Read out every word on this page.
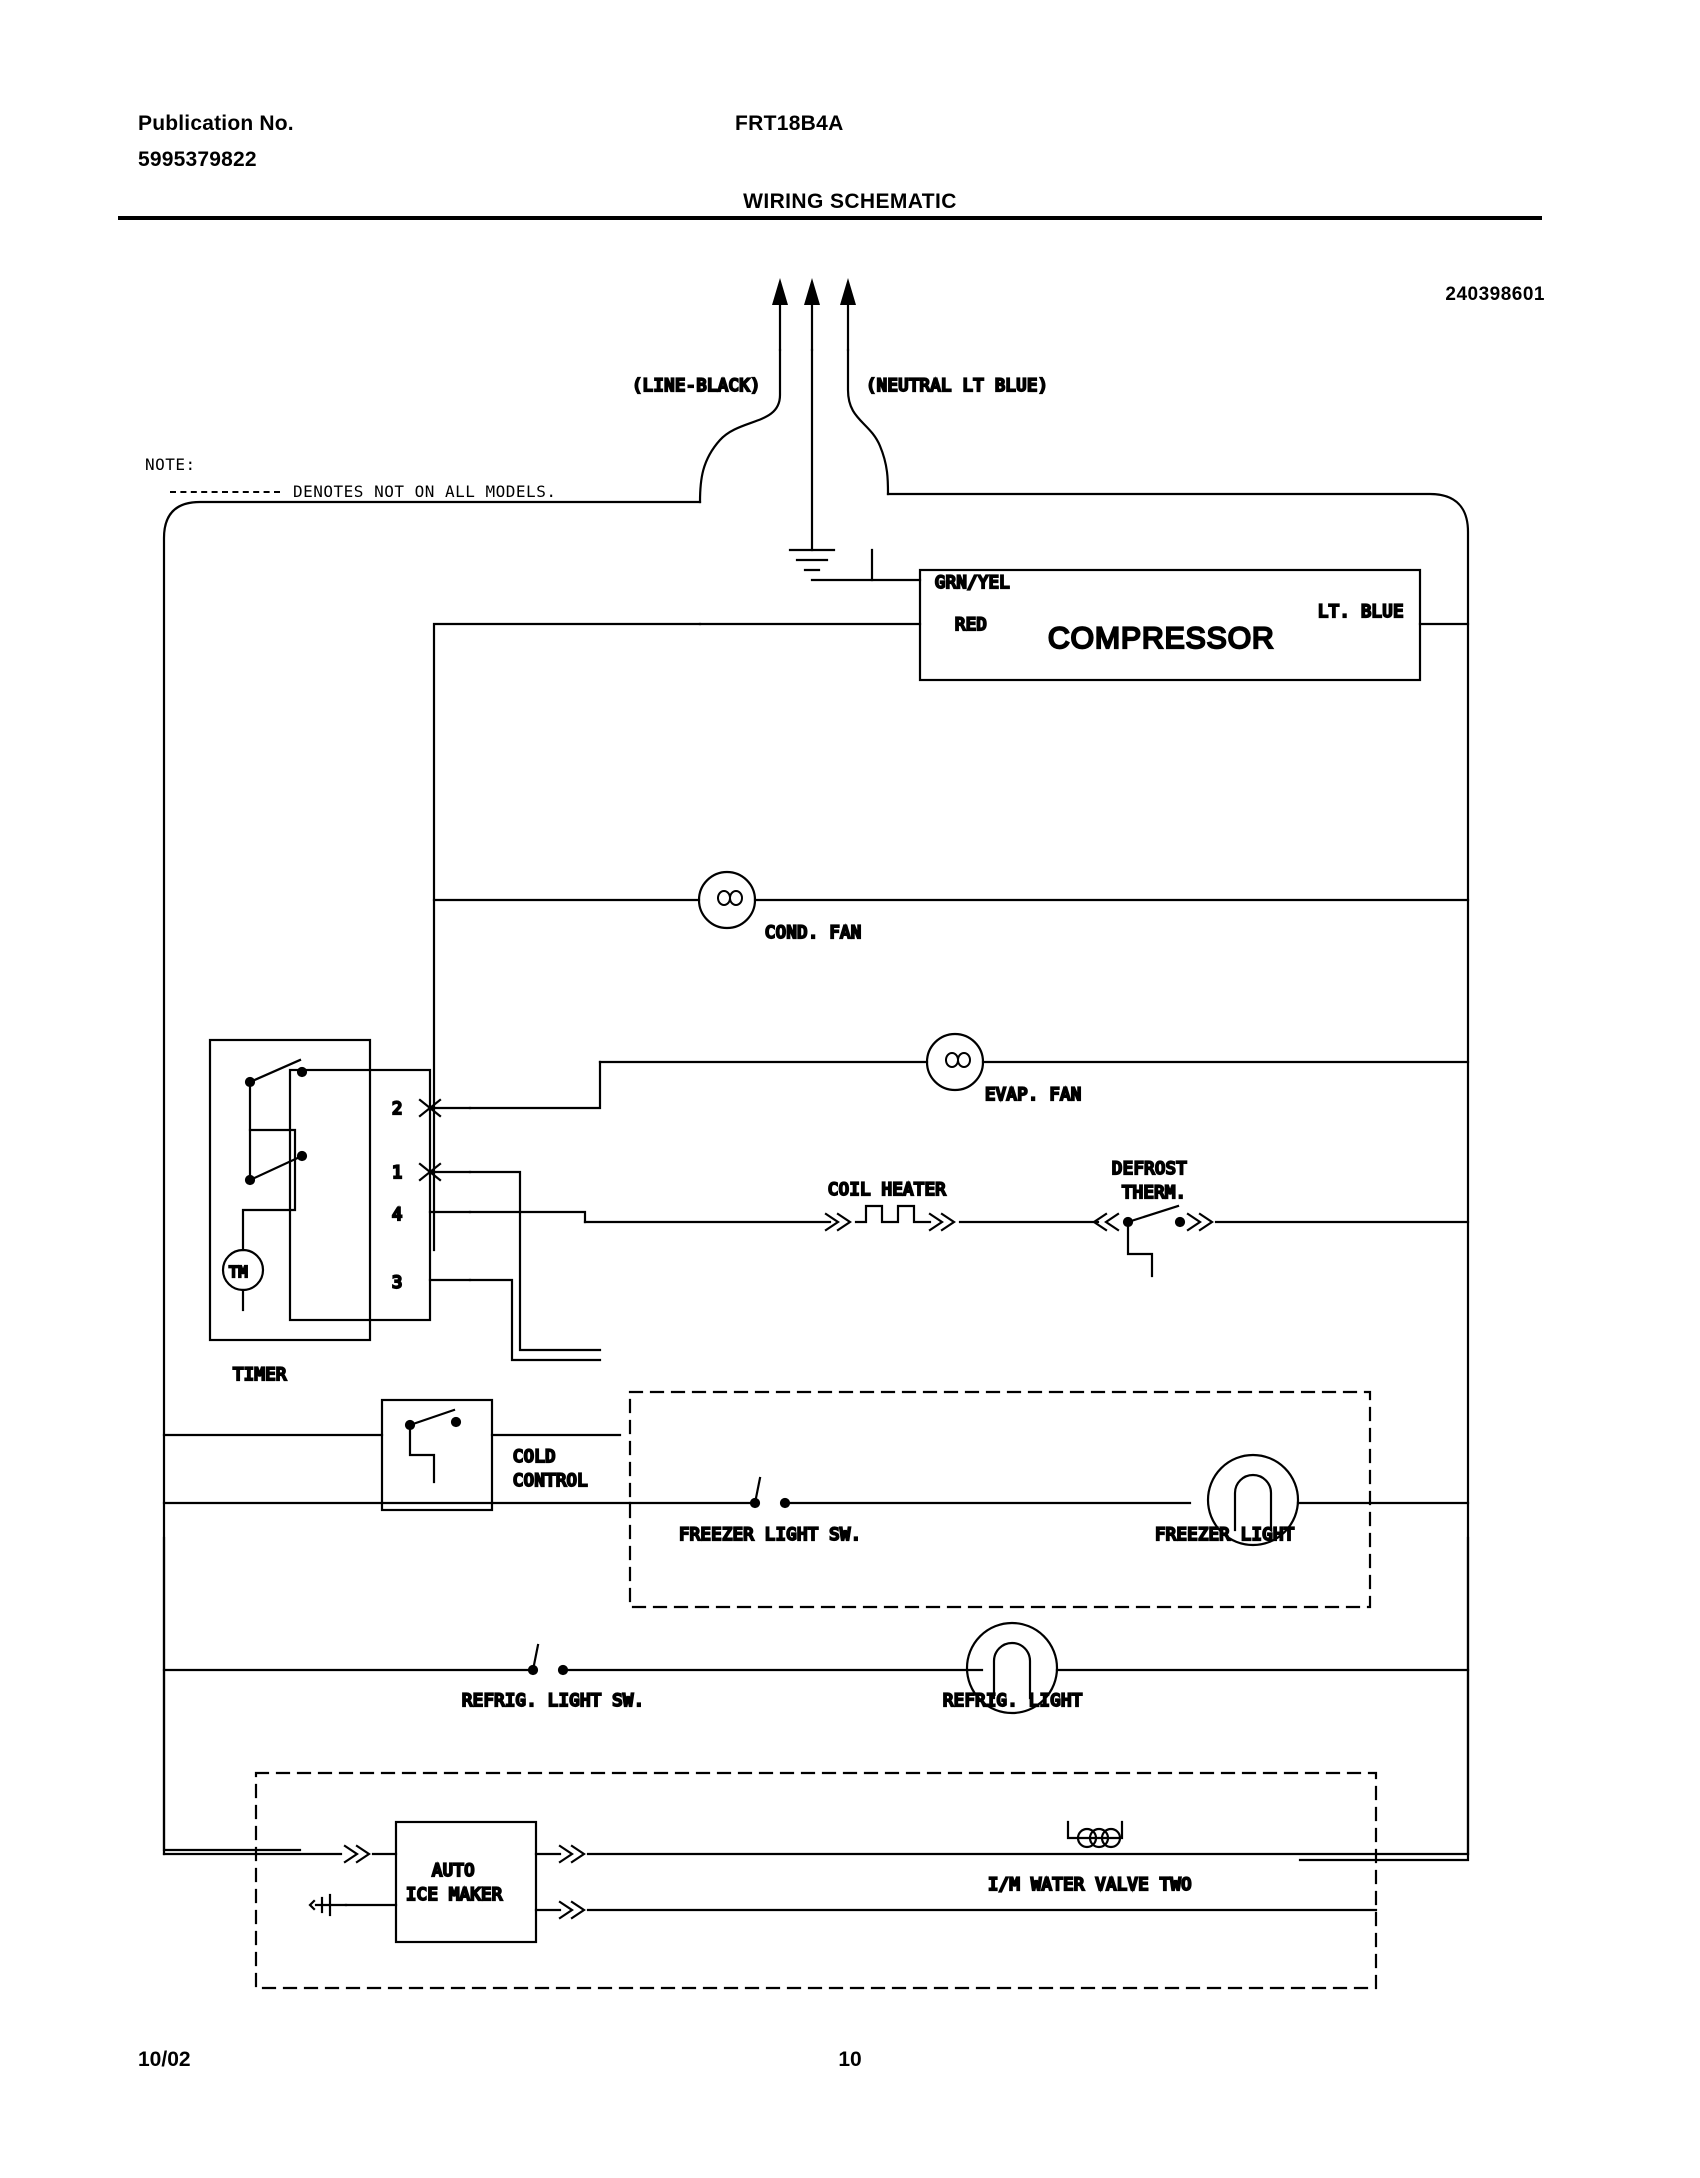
Publication No.
5995379822
FRT18B4A
WIRING SCHEMATIC
240398601
NOTE:
DENOTES NOT ON ALL MODELS.
10/02	10
(LINE-BLACK)	(NEUTRAL LT BLUE)
GRN/YEL
RED
LT. BLUE
COMPRESSOR
COND. FAN
EVAP. FAN
TM
2
1
4
3
TIMER
COIL HEATER
DEFROST
THERM.
COLD
CONTROL
FREEZER LIGHT SW.	FREEZER LIGHT
REFRIG. LIGHT SW.	REFRIG. LIGHT
AUTO
ICE MAKER	I/M WATER VALVE TWO
